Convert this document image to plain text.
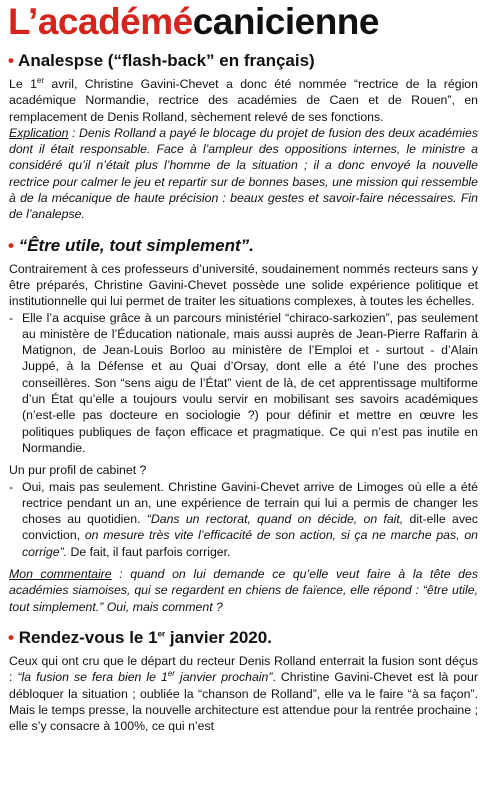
L’académécanicienne
• Analespse (“flash-back” en français)

Le 1er avril, Christine Gavini-Chevet a donc été nommée “rectrice de la région académique Normandie, rectrice des académies de Caen et de Rouen”, en remplacement de Denis Rolland, sèchement relevé de ses fonctions.

Explication : Denis Rolland a payé le blocage du projet de fusion des deux académies dont il était responsable. Face à l’ampleur des oppositions internes, le ministre a considéré qu’il n’était plus l’homme de la situation ; il a donc envoyé la nouvelle rectrice pour calmer le jeu et repartir sur de bonnes bases, une mission qui ressemble à de la mécanique de haute précision : beaux gestes et savoir-faire nécessaires. Fin de l’analepse.

• “Être utile, tout simplement”.

Contrairement à ces professeurs d’université, soudainement nommés recteurs sans y être préparés, Christine Gavini-Chevet possède une solide expérience politique et institutionnelle qui lui permet de traiter les situations complexes, à toutes les échelles.

- Elle l’a acquise grâce à un parcours ministériel “chiraco-sarkozien”, pas seulement au ministère de l’Éducation nationale, mais aussi auprès de Jean-Pierre Raffarin à Matignon, de Jean-Louis Borloo au ministère de l’Emploi et - surtout - d’Alain Juppé, à la Défense et au Quai d’Orsay, dont elle a été l’une des proches conseillères. Son “sens aigu de l’État” vient de là, de cet apprentissage multiforme d’un État qu’elle a toujours voulu servir en mobilisant ses savoirs académiques (n’est-elle pas docteure en sociologie ?) pour définir et mettre en œuvre les politiques publiques de façon efficace et pragmatique. Ce qui n’est pas inutile en Normandie.

Un pur profil de cabinet ?

- Oui, mais pas seulement. Christine Gavini-Chevet arrive de Limoges où elle a été rectrice pendant un an, une expérience de terrain qui lui a permis de changer les choses au quotidien. “Dans un rectorat, quand on décide, on fait, dit-elle avec conviction, on mesure très vite l’efficacité de son action, si ça ne marche pas, on corrige”. De fait, il faut parfois corriger.

Mon commentaire : quand on lui demande ce qu’elle veut faire à la tête des académies siamoises, qui se regardent en chiens de faïence, elle répond : “être utile, tout simplement.” Oui, mais comment ?

• Rendez-vous le 1er janvier 2020.

Ceux qui ont cru que le départ du recteur Denis Rolland enterrait la fusion sont déçus : “la fusion se fera bien le 1er janvier prochain”. Christine Gavini-Chevet est là pour débloquer la situation ; oubliée la “chanson de Rolland”, elle va le faire “à sa façon”. Mais le temps presse, la nouvelle architecture est attendue pour la rentrée prochaine ; elle s’y consacre à 100%, ce qui n’est
